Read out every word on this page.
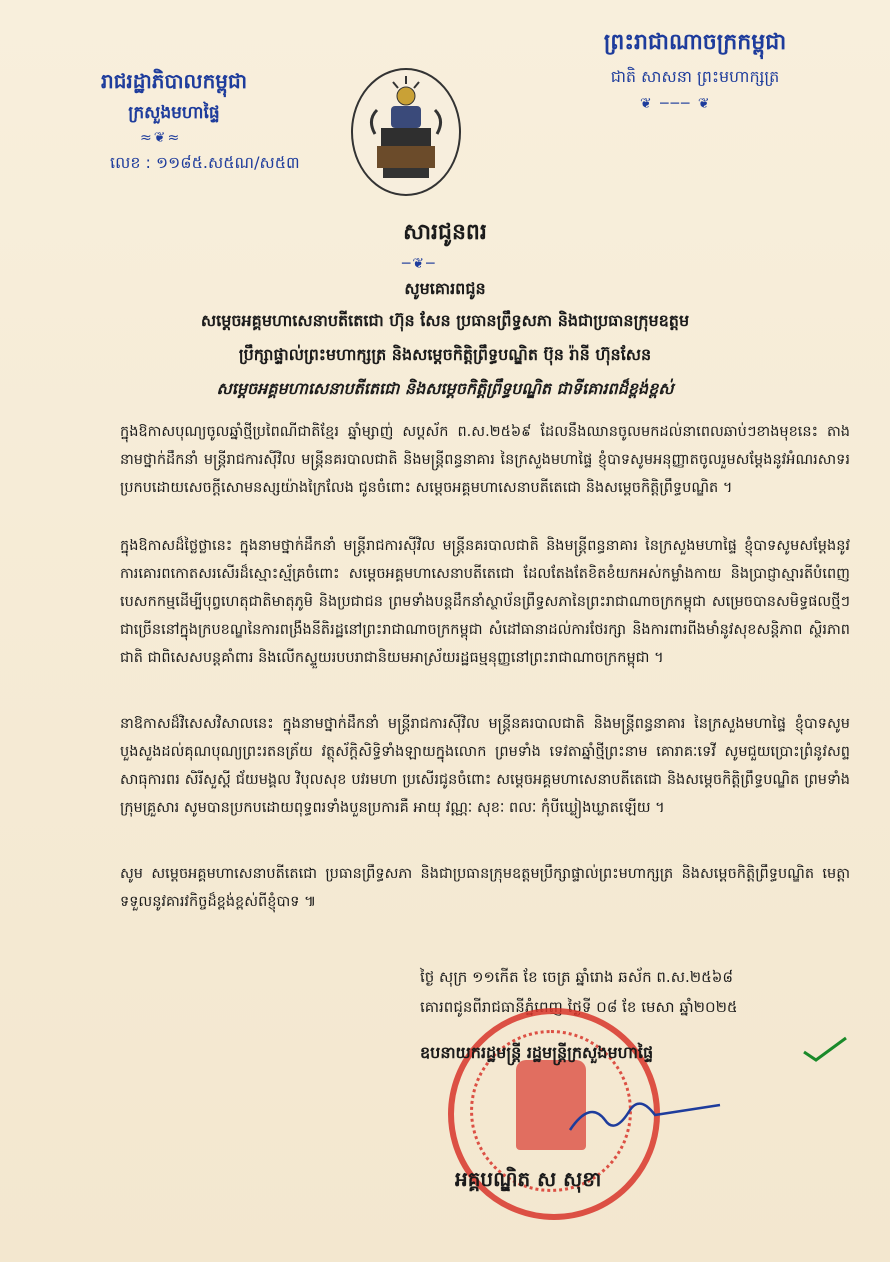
ព្រះរាជាណាចក្រកម្ពុជា
ជាតិ សាសនា ព្រះមហាក្សត្រ
❦ ─── ❦
រាជរដ្ឋាភិបាលកម្ពុជា
ក្រសួងមហាផ្ទៃ
≈❦≈
លេខ : ១១៨៥.ស៥ណ/ស៥៣
សារជូនពរ
─❦─
សូមគោរពជូន
សម្តេចអគ្គមហាសេនាបតីតេជោ ហ៊ុន សែន ប្រធានព្រឹទ្ធសភា និងជាប្រធានក្រុមឧត្តម
ប្រឹក្សាផ្ទាល់ព្រះមហាក្សត្រ និងសម្តេចកិត្តិព្រឹទ្ធបណ្ឌិត ប៊ុន រ៉ានី ហ៊ុនសែន
សម្តេចអគ្គមហាសេនាបតីតេជោ និងសម្តេចកិត្តិព្រឹទ្ធបណ្ឌិត ជាទីគោរពដ៏ខ្ពង់ខ្ពស់
ក្នុងឱកាសបុណ្យចូលឆ្នាំថ្មីប្រពៃណីជាតិខ្មែរ ឆ្នាំម្សាញ់ សប្តស័ក ព.ស.២៥៦៩ ដែលនឹងឈានចូលមកដល់នាពេលឆាប់ៗខាងមុខនេះ តាងនាមថ្នាក់ដឹកនាំ មន្ត្រីរាជការស៊ីវិល មន្ត្រីនគរបាលជាតិ និងមន្ត្រីពន្ធនាគារ នៃក្រសួងមហាផ្ទៃ ខ្ញុំបាទសូមអនុញ្ញាតចូលរួមសម្តែងនូវអំណរសាទរប្រកបដោយសេចក្តីសោមនស្សយ៉ាងក្រៃលែង ជូនចំពោះ សម្តេចអគ្គមហាសេនាបតីតេជោ និងសម្តេចកិត្តិព្រឹទ្ធបណ្ឌិត ។
ក្នុងឱកាសដ៏ថ្លៃថ្លានេះ ក្នុងនាមថ្នាក់ដឹកនាំ មន្ត្រីរាជការស៊ីវិល មន្ត្រីនគរបាលជាតិ និងមន្ត្រីពន្ធនាគារ នៃក្រសួងមហាផ្ទៃ ខ្ញុំបាទសូមសម្តែងនូវការគោរពកោតសរសើរដ៏ស្មោះស្ម័គ្រចំពោះ សម្តេចអគ្គមហាសេនាបតីតេជោ ដែលតែងតែខិតខំយកអស់កម្លាំងកាយ និងប្រាជ្ញាស្មារតីបំពេញបេសកកម្មដើម្បីបុព្វហេតុជាតិមាតុភូមិ និងប្រជាជន ព្រមទាំងបន្តដឹកនាំស្ថាប័នព្រឹទ្ធសភានៃព្រះរាជាណាចក្រកម្ពុជា សម្រេចបានសមិទ្ធផលថ្មីៗជាច្រើននៅក្នុងក្របខណ្ឌនៃការពង្រឹងនីតិរដ្ឋនៅព្រះរាជាណាចក្រកម្ពុជា សំដៅធានាដល់ការថែរក្សា និងការពារពីងមាំនូវសុខសន្តិភាព ស្ថិរភាព ជាតិ ជាពិសេសបន្តគាំពារ និងលើកស្ទួយរបបរាជានិយមអាស្រ័យរដ្ឋធម្មនុញ្ញនៅព្រះរាជាណាចក្រកម្ពុជា ។
នាឱកាសដ៏វិសេសវិសាលនេះ ក្នុងនាមថ្នាក់ដឹកនាំ មន្ត្រីរាជការស៊ីវិល មន្ត្រីនគរបាលជាតិ និងមន្ត្រីពន្ធនាគារ នៃក្រសួងមហាផ្ទៃ ខ្ញុំបាទសូមបួងសួងដល់គុណបុណ្យព្រះរតនត្រ័យ វត្ថុស័ក្តិសិទ្ធិទាំងឡាយក្នុងលោក ព្រមទាំង ទេវតាឆ្នាំថ្មីព្រះនាម គោរាគៈទេវី សូមជួយប្រោះព្រំនូវសព្ទសាធុការពរ សិរីសួស្តី ជ័យមង្គល វិបុលសុខ បវរមហា ប្រសើរជូនចំពោះ សម្តេចអគ្គមហាសេនាបតីតេជោ និងសម្តេចកិត្តិព្រឹទ្ធបណ្ឌិត ព្រមទាំងក្រុមគ្រួសារ សូមបានប្រកបដោយពុទ្ធពរទាំងបួនប្រការគឺ អាយុ វណ្ណៈ សុខៈ ពលៈ កុំបីឃ្លៀងឃ្លាតឡើយ ។
សូម សម្តេចអគ្គមហាសេនាបតីតេជោ ប្រធានព្រឹទ្ធសភា និងជាប្រធានក្រុមឧត្តមប្រឹក្សាផ្ទាល់ព្រះមហាក្សត្រ និងសម្តេចកិត្តិព្រឹទ្ធបណ្ឌិត មេត្តាទទួលនូវគារវកិច្ចដ៏ខ្ពង់ខ្ពស់ពីខ្ញុំបាទ ៕
ថ្ងៃ សុក្រ ១១កើត ខែ ចេត្រ ឆ្នាំរោង ឆស័ក ព.ស.២៥៦៨
គោរពជូនពីរាជធានីភ្នំពេញ ថ្ងៃទី ០៨ ខែ មេសា ឆ្នាំ២០២៥
ឧបនាយករដ្ឋមន្ត្រី រដ្ឋមន្ត្រីក្រសួងមហាផ្ទៃ
អគ្គបណ្ឌិត ស សុខា
